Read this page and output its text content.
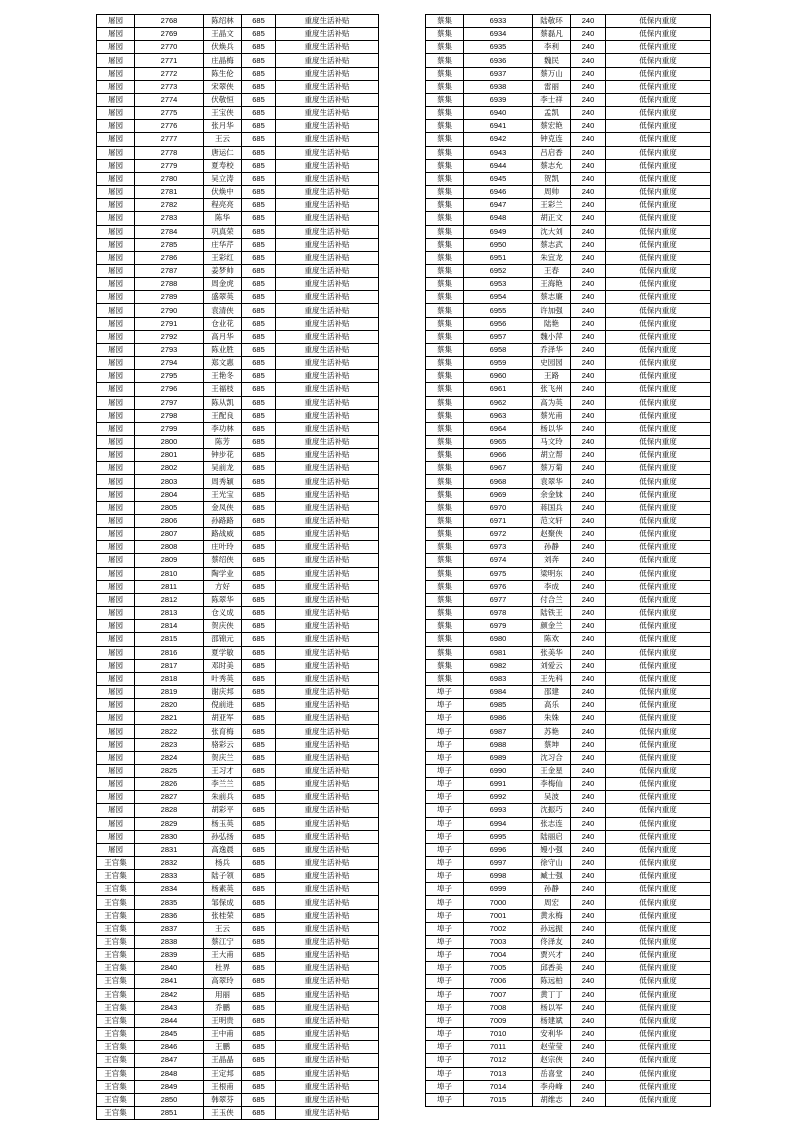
屠园	2768	陈绍林	685	重度生活补贴
屠园	2769	王晶文	685	重度生活补贴
屠园	2770	伏焕兵	685	重度生活补贴
屠园	2771	庄晶梅	685	重度生活补贴
屠园	2772	陈生伦	685	重度生活补贴
屠园	2773	宋翠侠	685	重度生活补贴
屠园	2774	伏敬恒	685	重度生活补贴
屠园	2775	王宝侠	685	重度生活补贴
屠园	2776	张月华	685	重度生活补贴
屠园	2777	王云	685	重度生活补贴
屠园	2778	唐运仁	685	重度生活补贴
屠园	2779	夏寿校	685	重度生活补贴
屠园	2780	吴立涛	685	重度生活补贴
屠园	2781	伏焕中	685	重度生活补贴
屠园	2782	程亮亮	685	重度生活补贴
屠园	2783	陈华	685	重度生活补贴
屠园	2784	巩真荣	685	重度生活补贴
屠园	2785	庄华芹	685	重度生活补贴
屠园	2786	王彩红	685	重度生活补贴
屠园	2787	姜梦帅	685	重度生活补贴
屠园	2788	周金虎	685	重度生活补贴
屠园	2789	盛翠英	685	重度生活补贴
屠园	2790	袁清侠	685	重度生活补贴
屠园	2791	仓业花	685	重度生活补贴
屠园	2792	高月华	685	重度生活补贴
屠园	2793	陈业胜	685	重度生活补贴
屠园	2794	郑文惠	685	重度生活补贴
屠园	2795	王艳冬	685	重度生活补贴
屠园	2796	王福枝	685	重度生活补贴
屠园	2797	陈从凯	685	重度生活补贴
屠园	2798	王配良	685	重度生活补贴
屠园	2799	李功林	685	重度生活补贴
屠园	2800	陈芳	685	重度生活补贴
屠园	2801	钟步花	685	重度生活补贴
屠园	2802	吴前龙	685	重度生活补贴
屠园	2803	周秀颖	685	重度生活补贴
屠园	2804	王光宝	685	重度生活补贴
屠园	2805	金凤侠	685	重度生活补贴
屠园	2806	孙路路	685	重度生活补贴
屠园	2807	路战威	685	重度生活补贴
屠园	2808	庄叶玲	685	重度生活补贴
屠园	2809	蔡绍侠	685	重度生活补贴
屠园	2810	陶学业	685	重度生活补贴
屠园	2811	方好	685	重度生活补贴
屠园	2812	陈翠华	685	重度生活补贴
屠园	2813	仓义成	685	重度生活补贴
屠园	2814	贺庆侠	685	重度生活补贴
屠园	2815	邵锦元	685	重度生活补贴
屠园	2816	夏学敏	685	重度生活补贴
屠园	2817	邓时美	685	重度生活补贴
屠园	2818	叶秀英	685	重度生活补贴
屠园	2819	谢庆邦	685	重度生活补贴
屠园	2820	倪前进	685	重度生活补贴
屠园	2821	胡亚军	685	重度生活补贴
屠园	2822	张育梅	685	重度生活补贴
屠园	2823	骆彩云	685	重度生活补贴
屠园	2824	贺庆兰	685	重度生活补贴
屠园	2825	王习才	685	重度生活补贴
屠园	2826	李兰兰	685	重度生活补贴
屠园	2827	朱前兵	685	重度生活补贴
屠园	2828	胡彩平	685	重度生活补贴
屠园	2829	杨玉英	685	重度生活补贴
屠园	2830	孙弘扬	685	重度生活补贴
屠园	2831	高逸晨	685	重度生活补贴
王官集	2832	杨兵	685	重度生活补贴
王官集	2833	陆子领	685	重度生活补贴
王官集	2834	杨素英	685	重度生活补贴
王官集	2835	邹保成	685	重度生活补贴
王官集	2836	张桂荣	685	重度生活补贴
王官集	2837	王云	685	重度生活补贴
王官集	2838	蔡江宁	685	重度生活补贴
王官集	2839	王大甫	685	重度生活补贴
王官集	2840	杜界	685	重度生活补贴
王官集	2841	高翠玲	685	重度生活补贴
王官集	2842	用丽	685	重度生活补贴
王官集	2843	乔鹏	685	重度生活补贴
王官集	2844	王明贵	685	重度生活补贴
王官集	2845	王中甫	685	重度生活补贴
王官集	2846	王鹏	685	重度生活补贴
王官集	2847	王晶晶	685	重度生活补贴
王官集	2848	王定邦	685	重度生活补贴
王官集	2849	王根甫	685	重度生活补贴
王官集	2850	韩翠芬	685	重度生活补贴
王官集	2851	王玉侠	685	重度生活补贴
蔡集	6933	陆敬环	240	低保内重度
蔡集	6934	蔡磊凡	240	低保内重度
蔡集	6935	李利	240	低保内重度
蔡集	6936	魏民	240	低保内重度
蔡集	6937	蔡万山	240	低保内重度
蔡集	6938	雷丽	240	低保内重度
蔡集	6939	李士祥	240	低保内重度
蔡集	6940	孟凯	240	低保内重度
蔡集	6941	蔡宏艳	240	低保内重度
蔡集	6942	钟克连	240	低保内重度
蔡集	6943	吕启香	240	低保内重度
蔡集	6944	蔡志允	240	低保内重度
蔡集	6945	贺凯	240	低保内重度
蔡集	6946	周帅	240	低保内重度
蔡集	6947	王彩兰	240	低保内重度
蔡集	6948	胡正文	240	低保内重度
蔡集	6949	沈大刘	240	低保内重度
蔡集	6950	蔡志武	240	低保内重度
蔡集	6951	朱宜龙	240	低保内重度
蔡集	6952	王春	240	低保内重度
蔡集	6953	王海艳	240	低保内重度
蔡集	6954	蔡志廉	240	低保内重度
蔡集	6955	许加强	240	低保内重度
蔡集	6956	陆艳	240	低保内重度
蔡集	6957	魏小萍	240	低保内重度
蔡集	6958	乔泽华	240	低保内重度
蔡集	6959	史园园	240	低保内重度
蔡集	6960	王路	240	低保内重度
蔡集	6961	张飞州	240	低保内重度
蔡集	6962	高为英	240	低保内重度
蔡集	6963	蔡光甫	240	低保内重度
蔡集	6964	杨以华	240	低保内重度
蔡集	6965	马文玲	240	低保内重度
蔡集	6966	胡立帮	240	低保内重度
蔡集	6967	蔡万菊	240	低保内重度
蔡集	6968	袁翠华	240	低保内重度
蔡集	6969	余金妹	240	低保内重度
蔡集	6970	蒋国兵	240	低保内重度
蔡集	6971	范文轩	240	低保内重度
蔡集	6972	赵聚侠	240	低保内重度
蔡集	6973	孙静	240	低保内重度
蔡集	6974	刘奔	240	低保内重度
蔡集	6975	梁明东	240	低保内重度
蔡集	6976	李成	240	低保内重度
蔡集	6977	付合兰	240	低保内重度
蔡集	6978	陆铁王	240	低保内重度
蔡集	6979	颜金兰	240	低保内重度
蔡集	6980	陈欢	240	低保内重度
蔡集	6981	张美华	240	低保内重度
蔡集	6982	刘爱云	240	低保内重度
蔡集	6983	王先科	240	低保内重度
埠子	6984	邵建	240	低保内重度
埠子	6985	高乐	240	低保内重度
埠子	6986	朱姝	240	低保内重度
埠子	6987	苏艳	240	低保内重度
埠子	6988	蔡坤	240	低保内重度
埠子	6989	沈习合	240	低保内重度
埠子	6990	王金星	240	低保内重度
埠子	6991	李梅仙	240	低保内重度
埠子	6992	吴波	240	低保内重度
埠子	6993	沈振巧	240	低保内重度
埠子	6994	张志连	240	低保内重度
埠子	6995	陆丽启	240	低保内重度
埠子	6996	嫚小强	240	低保内重度
埠子	6997	徐守山	240	低保内重度
埠子	6998	臧士强	240	低保内重度
埠子	6999	孙静	240	低保内重度
埠子	7000	周宏	240	低保内重度
埠子	7001	黄永梅	240	低保内重度
埠子	7002	孙远振	240	低保内重度
埠子	7003	佟泽友	240	低保内重度
埠子	7004	贾兴才	240	低保内重度
埠子	7005	邱香美	240	低保内重度
埠子	7006	陈远柏	240	低保内重度
埠子	7007	黄丁丁	240	低保内重度
埠子	7008	杨以军	240	低保内重度
埠子	7009	杨建斌	240	低保内重度
埠子	7010	安利华	240	低保内重度
埠子	7011	赵莹莹	240	低保内重度
埠子	7012	赵宗侠	240	低保内重度
埠子	7013	岳喜堂	240	低保内重度
埠子	7014	李舟峰	240	低保内重度
埠子	7015	胡维志	240	低保内重度
